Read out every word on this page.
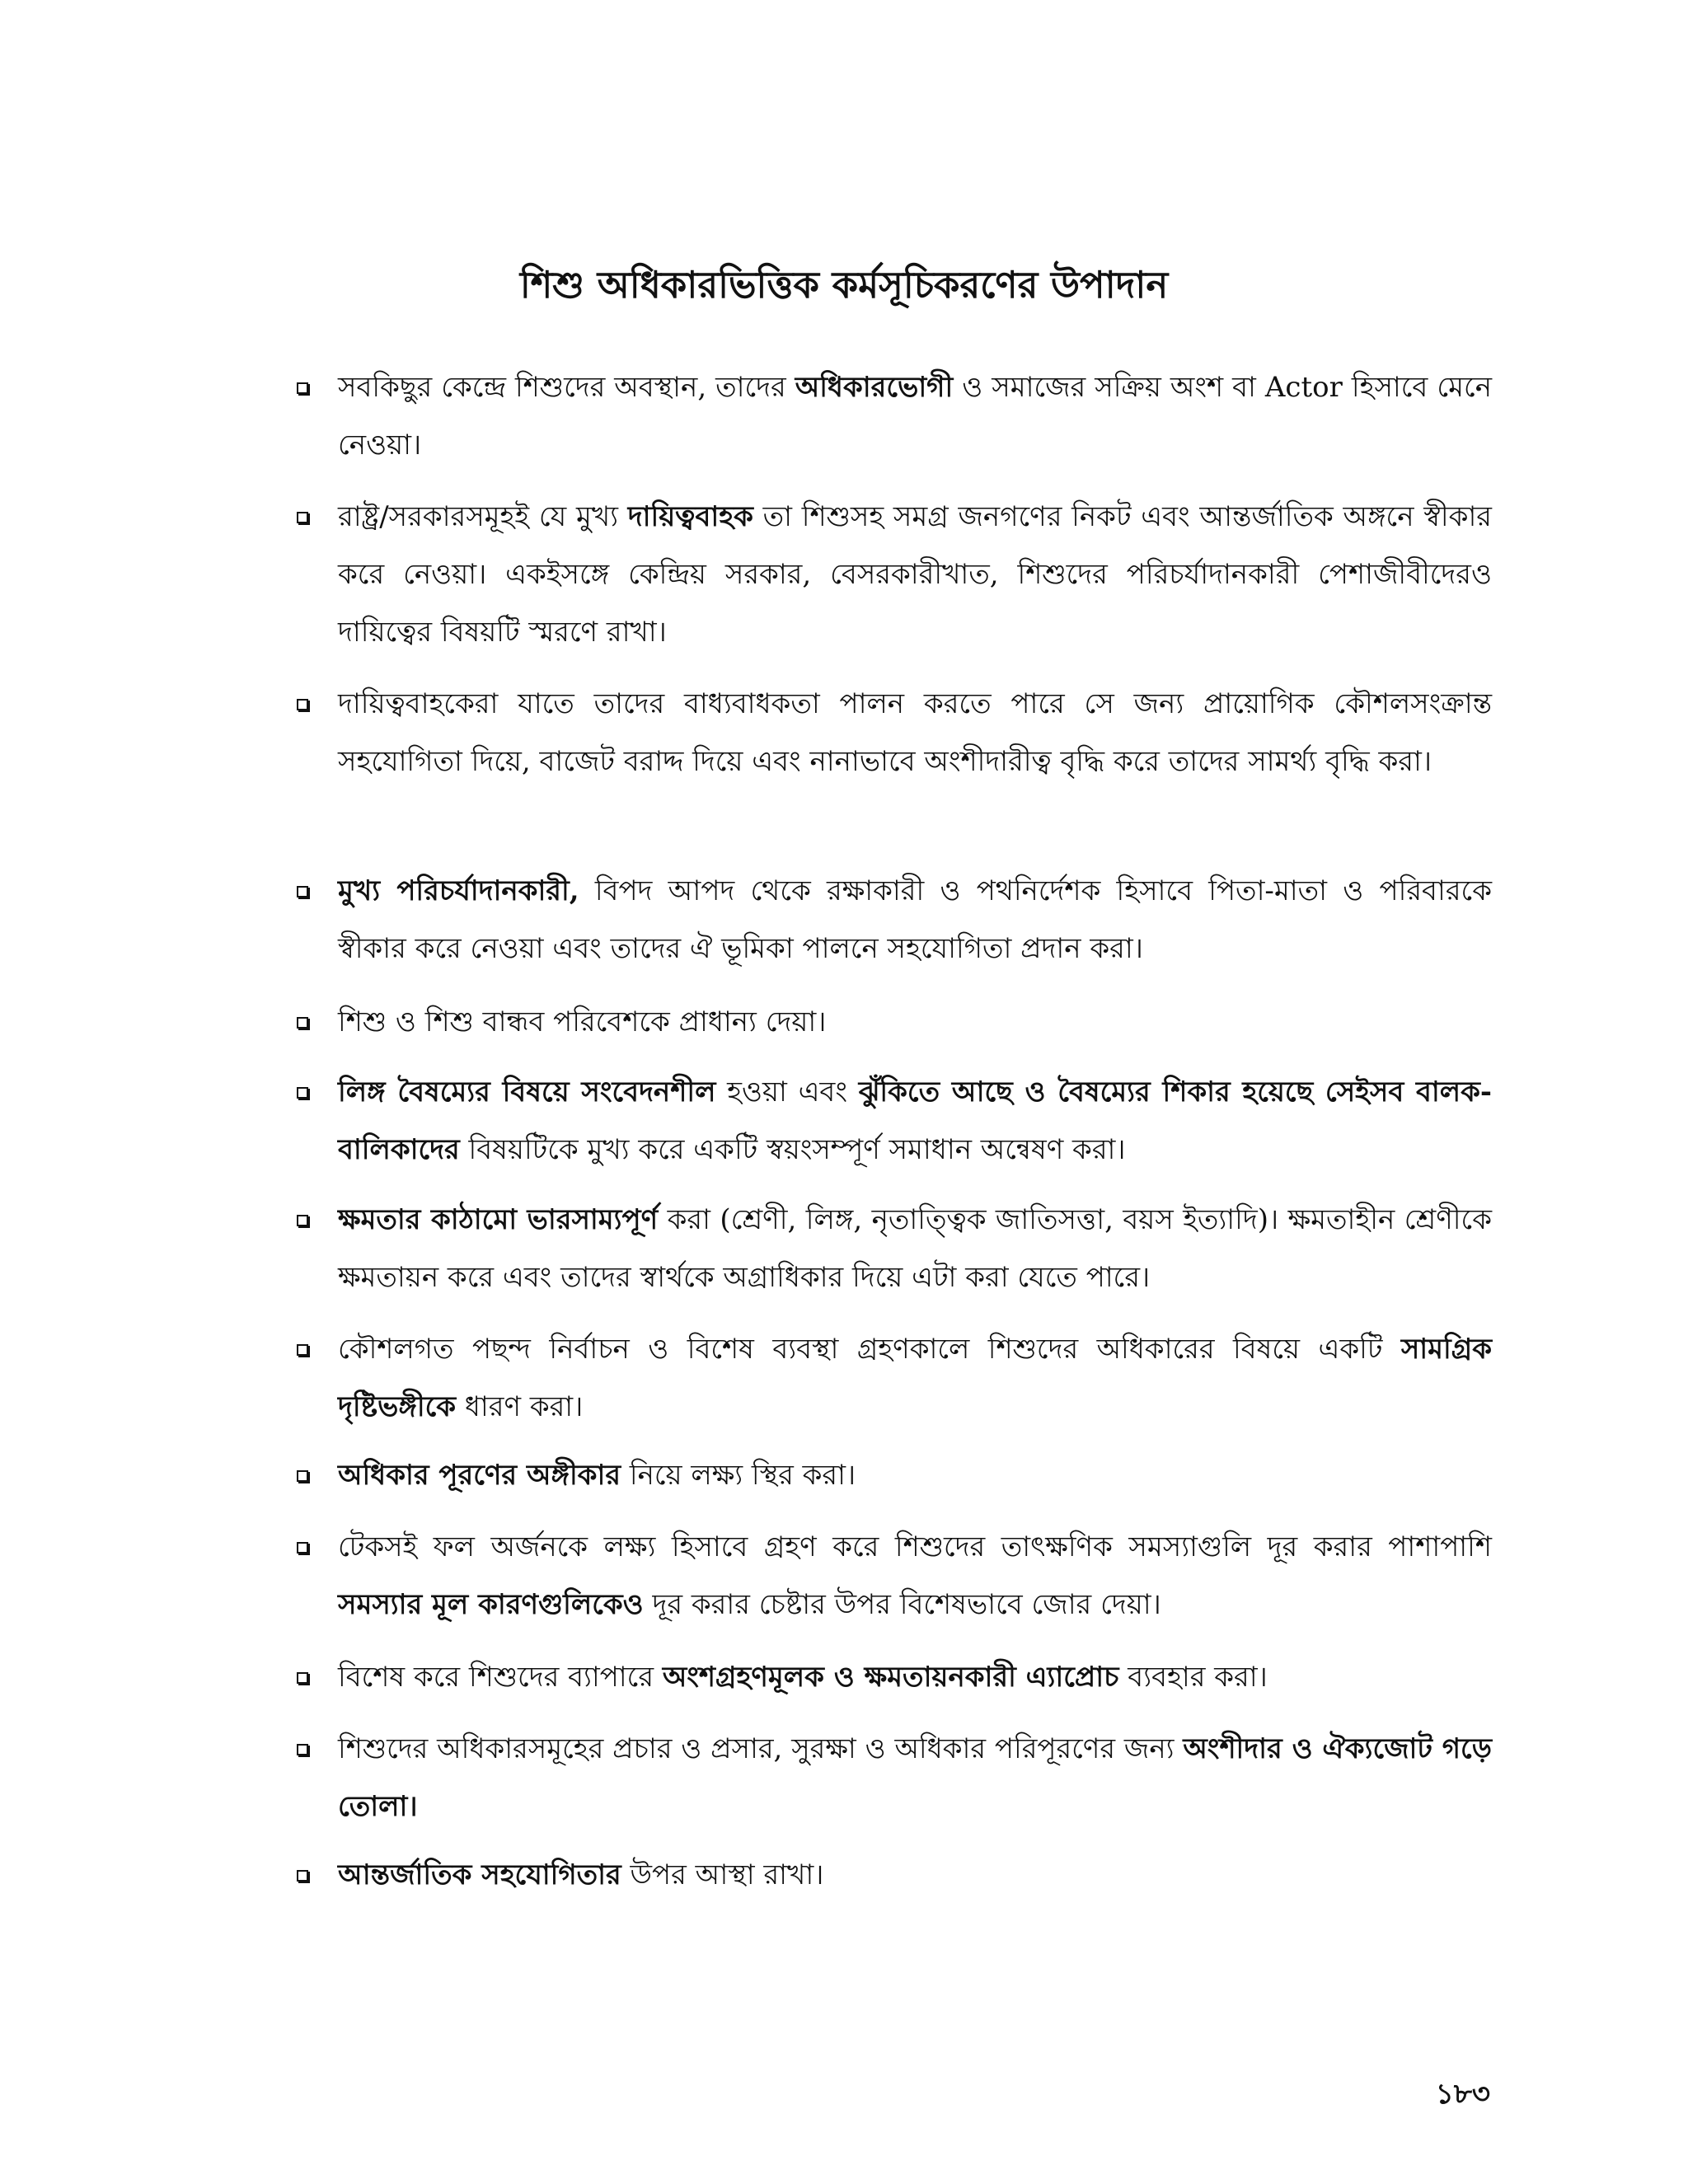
শিশু অধিকারভিত্তিক কর্মসূচিকরণের উপাদান
সবকিছুর কেন্দ্রে শিশুদের অবস্থান, তাদের অধিকারভোগী ও সমাজের সক্রিয় অংশ বা Actor হিসাবে মেনে নেওয়া।
রাষ্ট্র/সরকারসমূহই যে মুখ্য দায়িত্ববাহক তা শিশুসহ সমগ্র জনগণের নিকট এবং আন্তর্জাতিক অঙ্গনে স্বীকার করে নেওয়া। একইসঙ্গে কেন্দ্রিয় সরকার, বেসরকারীখাত, শিশুদের পরিচর্যাদানকারী পেশাজীবীদেরও দায়িত্বের বিষয়টি স্মরণে রাখা।
দায়িত্ববাহকেরা যাতে তাদের বাধ্যবাধকতা পালন করতে পারে সে জন্য প্রায়োগিক কৌশলসংক্রান্ত সহযোগিতা দিয়ে, বাজেট বরাদ্দ দিয়ে এবং নানাভাবে অংশীদারীত্ব বৃদ্ধি করে তাদের সামর্থ্য বৃদ্ধি করা।
মুখ্য পরিচর্যাদানকারী, বিপদ আপদ থেকে রক্ষাকারী ও পথনির্দেশক হিসাবে পিতা-মাতা ও পরিবারকে স্বীকার করে নেওয়া এবং তাদের ঐ ভূমিকা পালনে সহযোগিতা প্রদান করা।
শিশু ও শিশু বান্ধব পরিবেশকে প্রাধান্য দেয়া।
লিঙ্গ বৈষম্যের বিষয়ে সংবেদনশীল হওয়া এবং ঝুঁকিতে আছে ও বৈষম্যের শিকার হয়েছে সেইসব বালক-বালিকাদের বিষয়টিকে মুখ্য করে একটি স্বয়ংসম্পূর্ণ সমাধান অন্বেষণ করা।
ক্ষমতার কাঠামো ভারসাম্যপূর্ণ করা (শ্রেণী, লিঙ্গ, নৃতাত্ত্বিক জাতিসত্তা, বয়স ইত্যাদি)। ক্ষমতাহীন শ্রেণীকে ক্ষমতায়ন করে এবং তাদের স্বার্থকে অগ্রাধিকার দিয়ে এটা করা যেতে পারে।
কৌশলগত পছন্দ নির্বাচন ও বিশেষ ব্যবস্থা গ্রহণকালে শিশুদের অধিকারের বিষয়ে একটি সামগ্রিক দৃষ্টিভঙ্গীকে ধারণ করা।
অধিকার পূরণের অঙ্গীকার নিয়ে লক্ষ্য স্থির করা।
টেকসই ফল অর্জনকে লক্ষ্য হিসাবে গ্রহণ করে শিশুদের তাৎক্ষণিক সমস্যাগুলি দূর করার পাশাপাশি সমস্যার মূল কারণগুলিকেও দূর করার চেষ্টার উপর বিশেষভাবে জোর দেয়া।
বিশেষ করে শিশুদের ব্যাপারে অংশগ্রহণমূলক ও ক্ষমতায়নকারী এ্যাপ্রোচ ব্যবহার করা।
শিশুদের অধিকারসমূহের প্রচার ও প্রসার, সুরক্ষা ও অধিকার পরিপূরণের জন্য অংশীদার ও ঐক্যজোট গড়ে তোলা।
আন্তর্জাতিক সহযোগিতার উপর আস্থা রাখা।
১৮৩
